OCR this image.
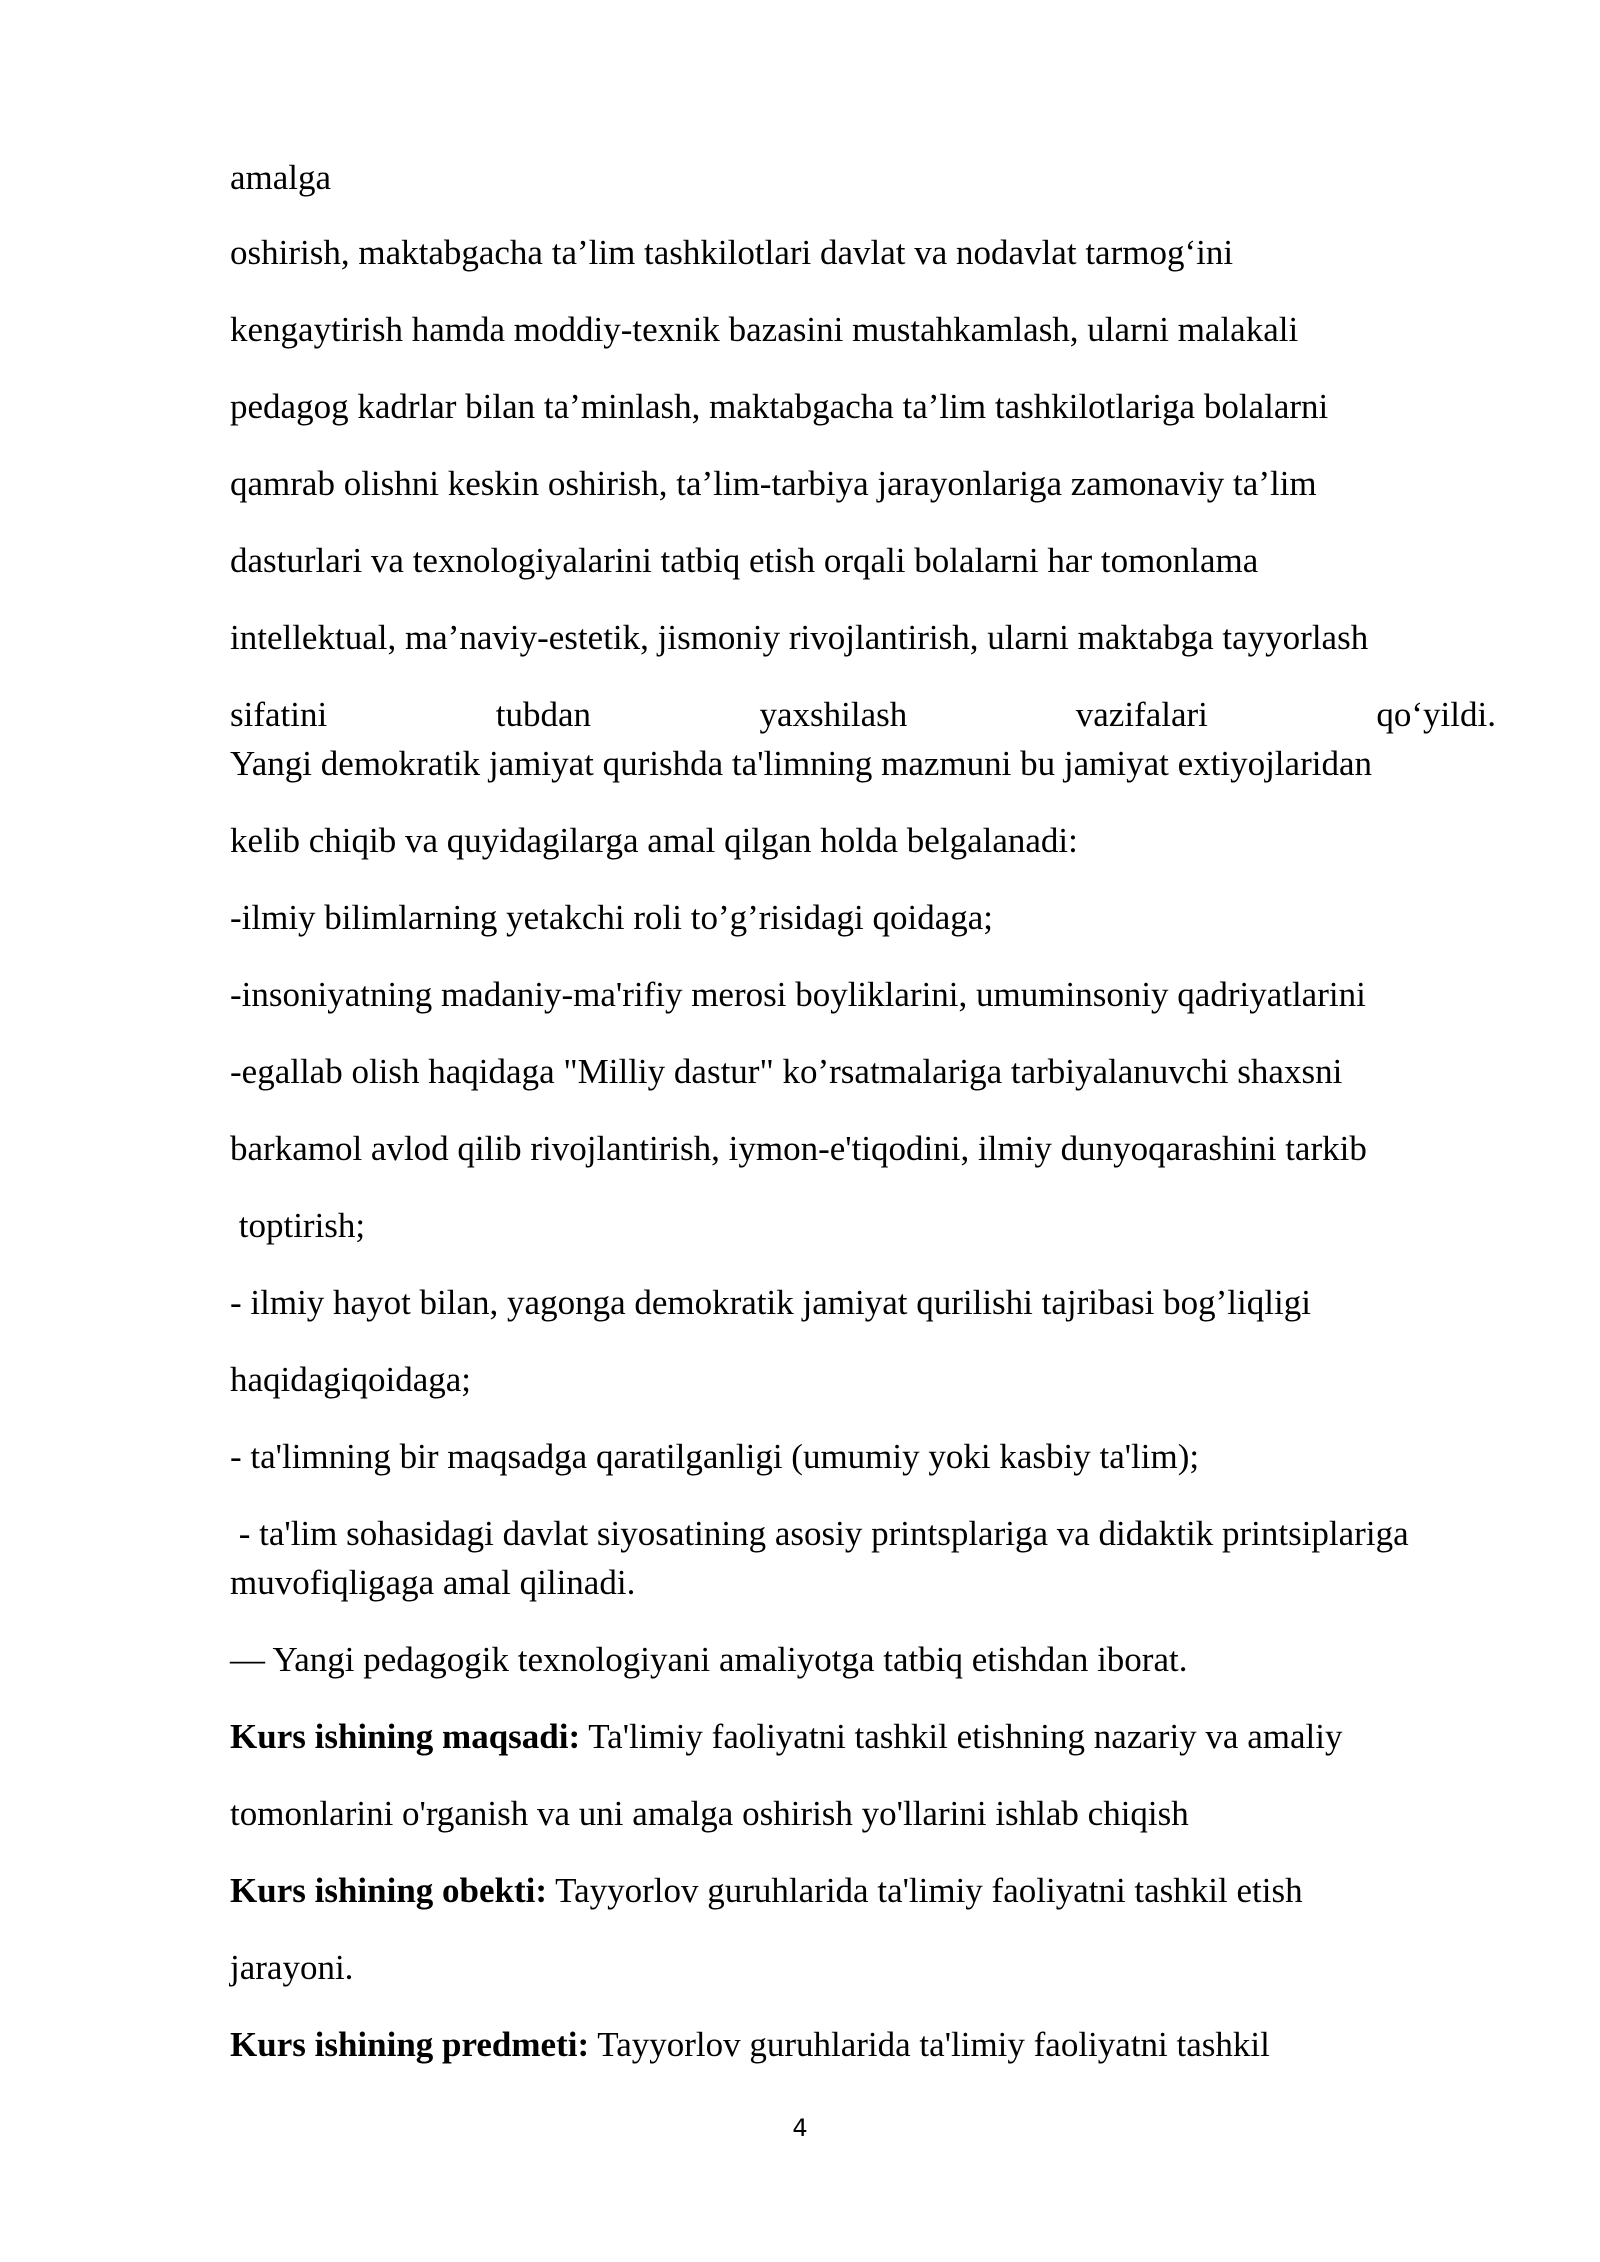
amalga
oshirish, maktabgacha ta’lim tashkilotlari davlat va nodavlat tarmog‘ini
kengaytirish hamda moddiy-texnik bazasini mustahkamlash, ularni malakali
pedagog kadrlar bilan ta’minlash, maktabgacha ta’lim tashkilotlariga bolalarni
qamrab olishni keskin oshirish, ta’lim-tarbiya jarayonlariga zamonaviy ta’lim
dasturlari va texnologiyalarini tatbiq etish orqali bolalarni har tomonlama
intellektual, ma’naviy-estetik, jismoniy rivojlantirish, ularni maktabga tayyorlash
sifatini	tubdan	yaxshilash	vazifalari	qo‘yildi.
Yangi demokratik jamiyat qurishda ta'limning mazmuni bu jamiyat extiyojlaridan
kelib chiqib va quyidagilarga amal qilgan holda belgalanadi:
-ilmiy bilimlarning yetakchi roli to’g’risidagi qoidaga;
-insoniyatning madaniy-ma'rifiy merosi boyliklarini, umuminsoniy qadriyatlarini
-egallab olish haqidaga "Milliy dastur" ko’rsatmalariga tarbiyalanuvchi shaxsni
barkamol avlod qilib rivojlantirish, iymon-e'tiqodini, ilmiy dunyoqarashini tarkib
toptirish;
- ilmiy hayot bilan, yagonga demokratik jamiyat qurilishi tajribasi bog’liqligi
haqidagiqoidaga;
- ta'limning bir maqsadga qaratilganligi (umumiy yoki kasbiy ta'lim);
- ta'lim sohasidagi davlat siyosatining asosiy printsplariga va didaktik printsiplariga
muvofiqligaga amal qilinadi.
— Yangi pedagogik texnologiyani amaliyotga tatbiq etishdan iborat.
Kurs ishining maqsadi: Ta'limiy faoliyatni tashkil etishning nazariy va amaliy
tomonlarini o'rganish va uni amalga oshirish yo'llarini ishlab chiqish
Kurs ishining obekti: Tayyorlov guruhlarida ta'limiy faoliyatni tashkil etish
jarayoni.
Kurs ishining predmeti: Tayyorlov guruhlarida ta'limiy faoliyatni tashkil
4
